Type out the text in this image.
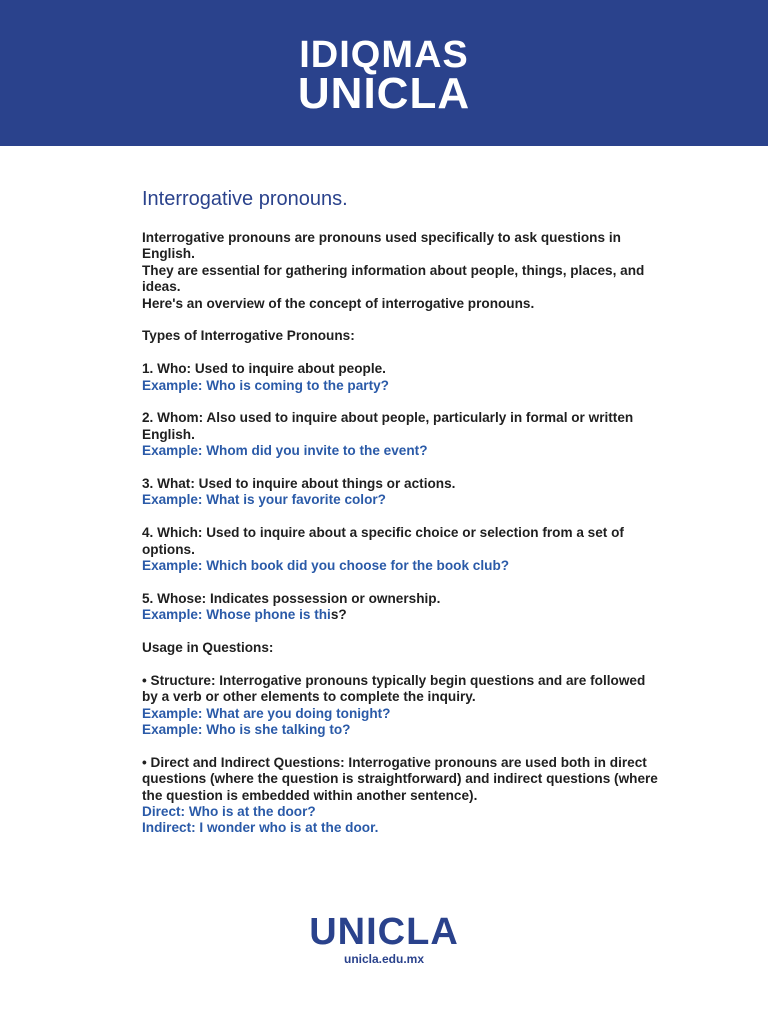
IDIQMAS
UNICLA
Interrogative pronouns.
Interrogative pronouns are pronouns used specifically to ask questions in English.
They are essential for gathering information about people, things, places, and ideas.
Here's an overview of the concept of interrogative pronouns.
Types of Interrogative Pronouns:
1. Who: Used to inquire about people.
Example: Who is coming to the party?
2. Whom: Also used to inquire about people, particularly in formal or written English.
Example: Whom did you invite to the event?
3. What: Used to inquire about things or actions.
Example: What is your favorite color?
4. Which: Used to inquire about a specific choice or selection from a set of options.
Example: Which book did you choose for the book club?
5. Whose: Indicates possession or ownership.
Example: Whose phone is this?
Usage in Questions:
• Structure: Interrogative pronouns typically begin questions and are followed by a verb or other elements to complete the inquiry.
Example: What are you doing tonight?
Example: Who is she talking to?
• Direct and Indirect Questions: Interrogative pronouns are used both in direct questions (where the question is straightforward) and indirect questions (where the question is embedded within another sentence).
Direct: Who is at the door?
Indirect: I wonder who is at the door.
UNICLA
unicla.edu.mx
